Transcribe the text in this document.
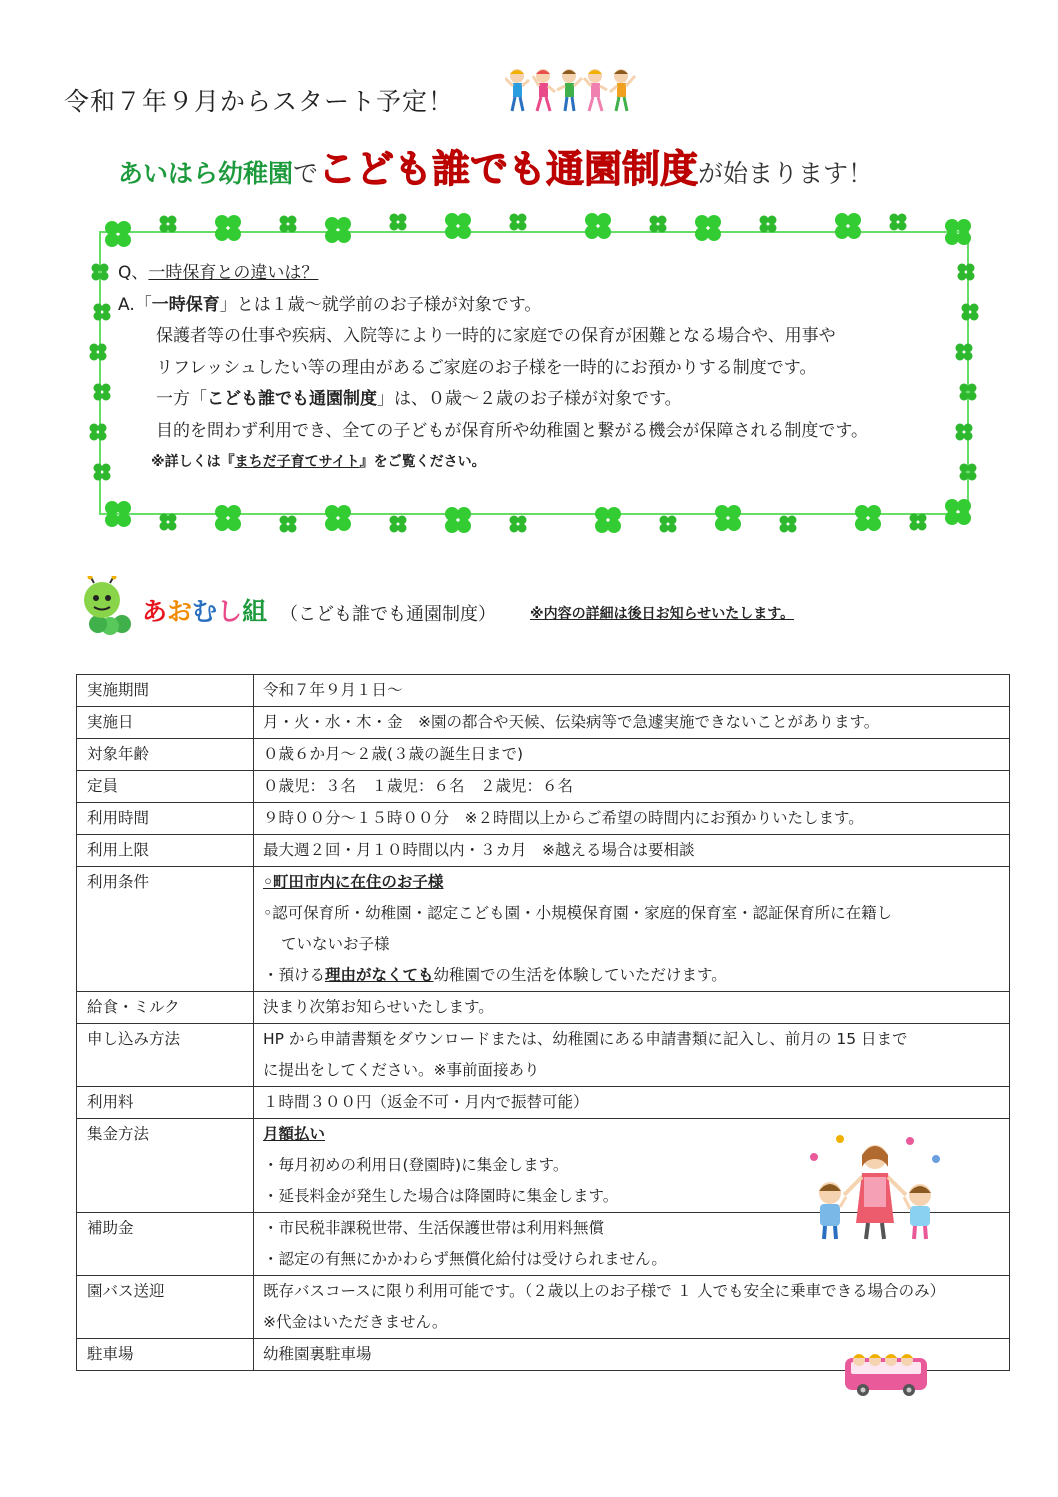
令和７年９月からスタート予定！
あいはら幼稚園でこども誰でも通園制度が始まります！
Q、一時保育との違いは？
A.「一時保育」とは１歳～就学前のお子様が対象です。
保護者等の仕事や疾病、入院等により一時的に家庭での保育が困難となる場合や、用事や
リフレッシュしたい等の理由があるご家庭のお子様を一時的にお預かりする制度です。
一方「こども誰でも通園制度」は、０歳～２歳のお子様が対象です。
目的を問わず利用でき、全ての子どもが保育所や幼稚園と繋がる機会が保障される制度です。
※詳しくは『まちだ子育てサイト』をご覧ください。
あおむし組 （こども誰でも通園制度） ※内容の詳細は後日お知らせいたします。
実施期間	令和７年９月１日～
実施日	月・火・水・木・金　※園の都合や天候、伝染病等で急遽実施できないことがあります。
対象年齢	０歳６か月～２歳(３歳の誕生日まで)
定員	０歳児：３名　１歳児：６名　２歳児：６名
利用時間	９時００分～１５時００分　※２時間以上からご希望の時間内にお預かりいたします。
利用上限	最大週２回・月１０時間以内・３カ月　※越える場合は要相談
利用条件	◦町田市内に在住のお子様
◦認可保育所・幼稚園・認定こども園・小規模保育園・家庭的保育室・認証保育所に在籍し
ていないお子様
・預ける理由がなくても幼稚園での生活を体験していただけます。

給食・ミルク	決まり次第お知らせいたします。
申し込み方法	HP から申請書類をダウンロードまたは、幼稚園にある申請書類に記入し、前月の 15 日まで
に提出をしてください。※事前面接あり

利用料	１時間３００円（返金不可・月内で振替可能）
集金方法	月額払い
・毎月初めの利用日(登園時)に集金します。
・延長料金が発生した場合は降園時に集金します。

補助金	・市民税非課税世帯、生活保護世帯は利用料無償
・認定の有無にかかわらず無償化給付は受けられません。

園バス送迎	既存バスコースに限り利用可能です。（２歳以上のお子様で １ 人でも安全に乗車できる場合のみ）
※代金はいただきません。

駐車場	幼稚園裏駐車場
